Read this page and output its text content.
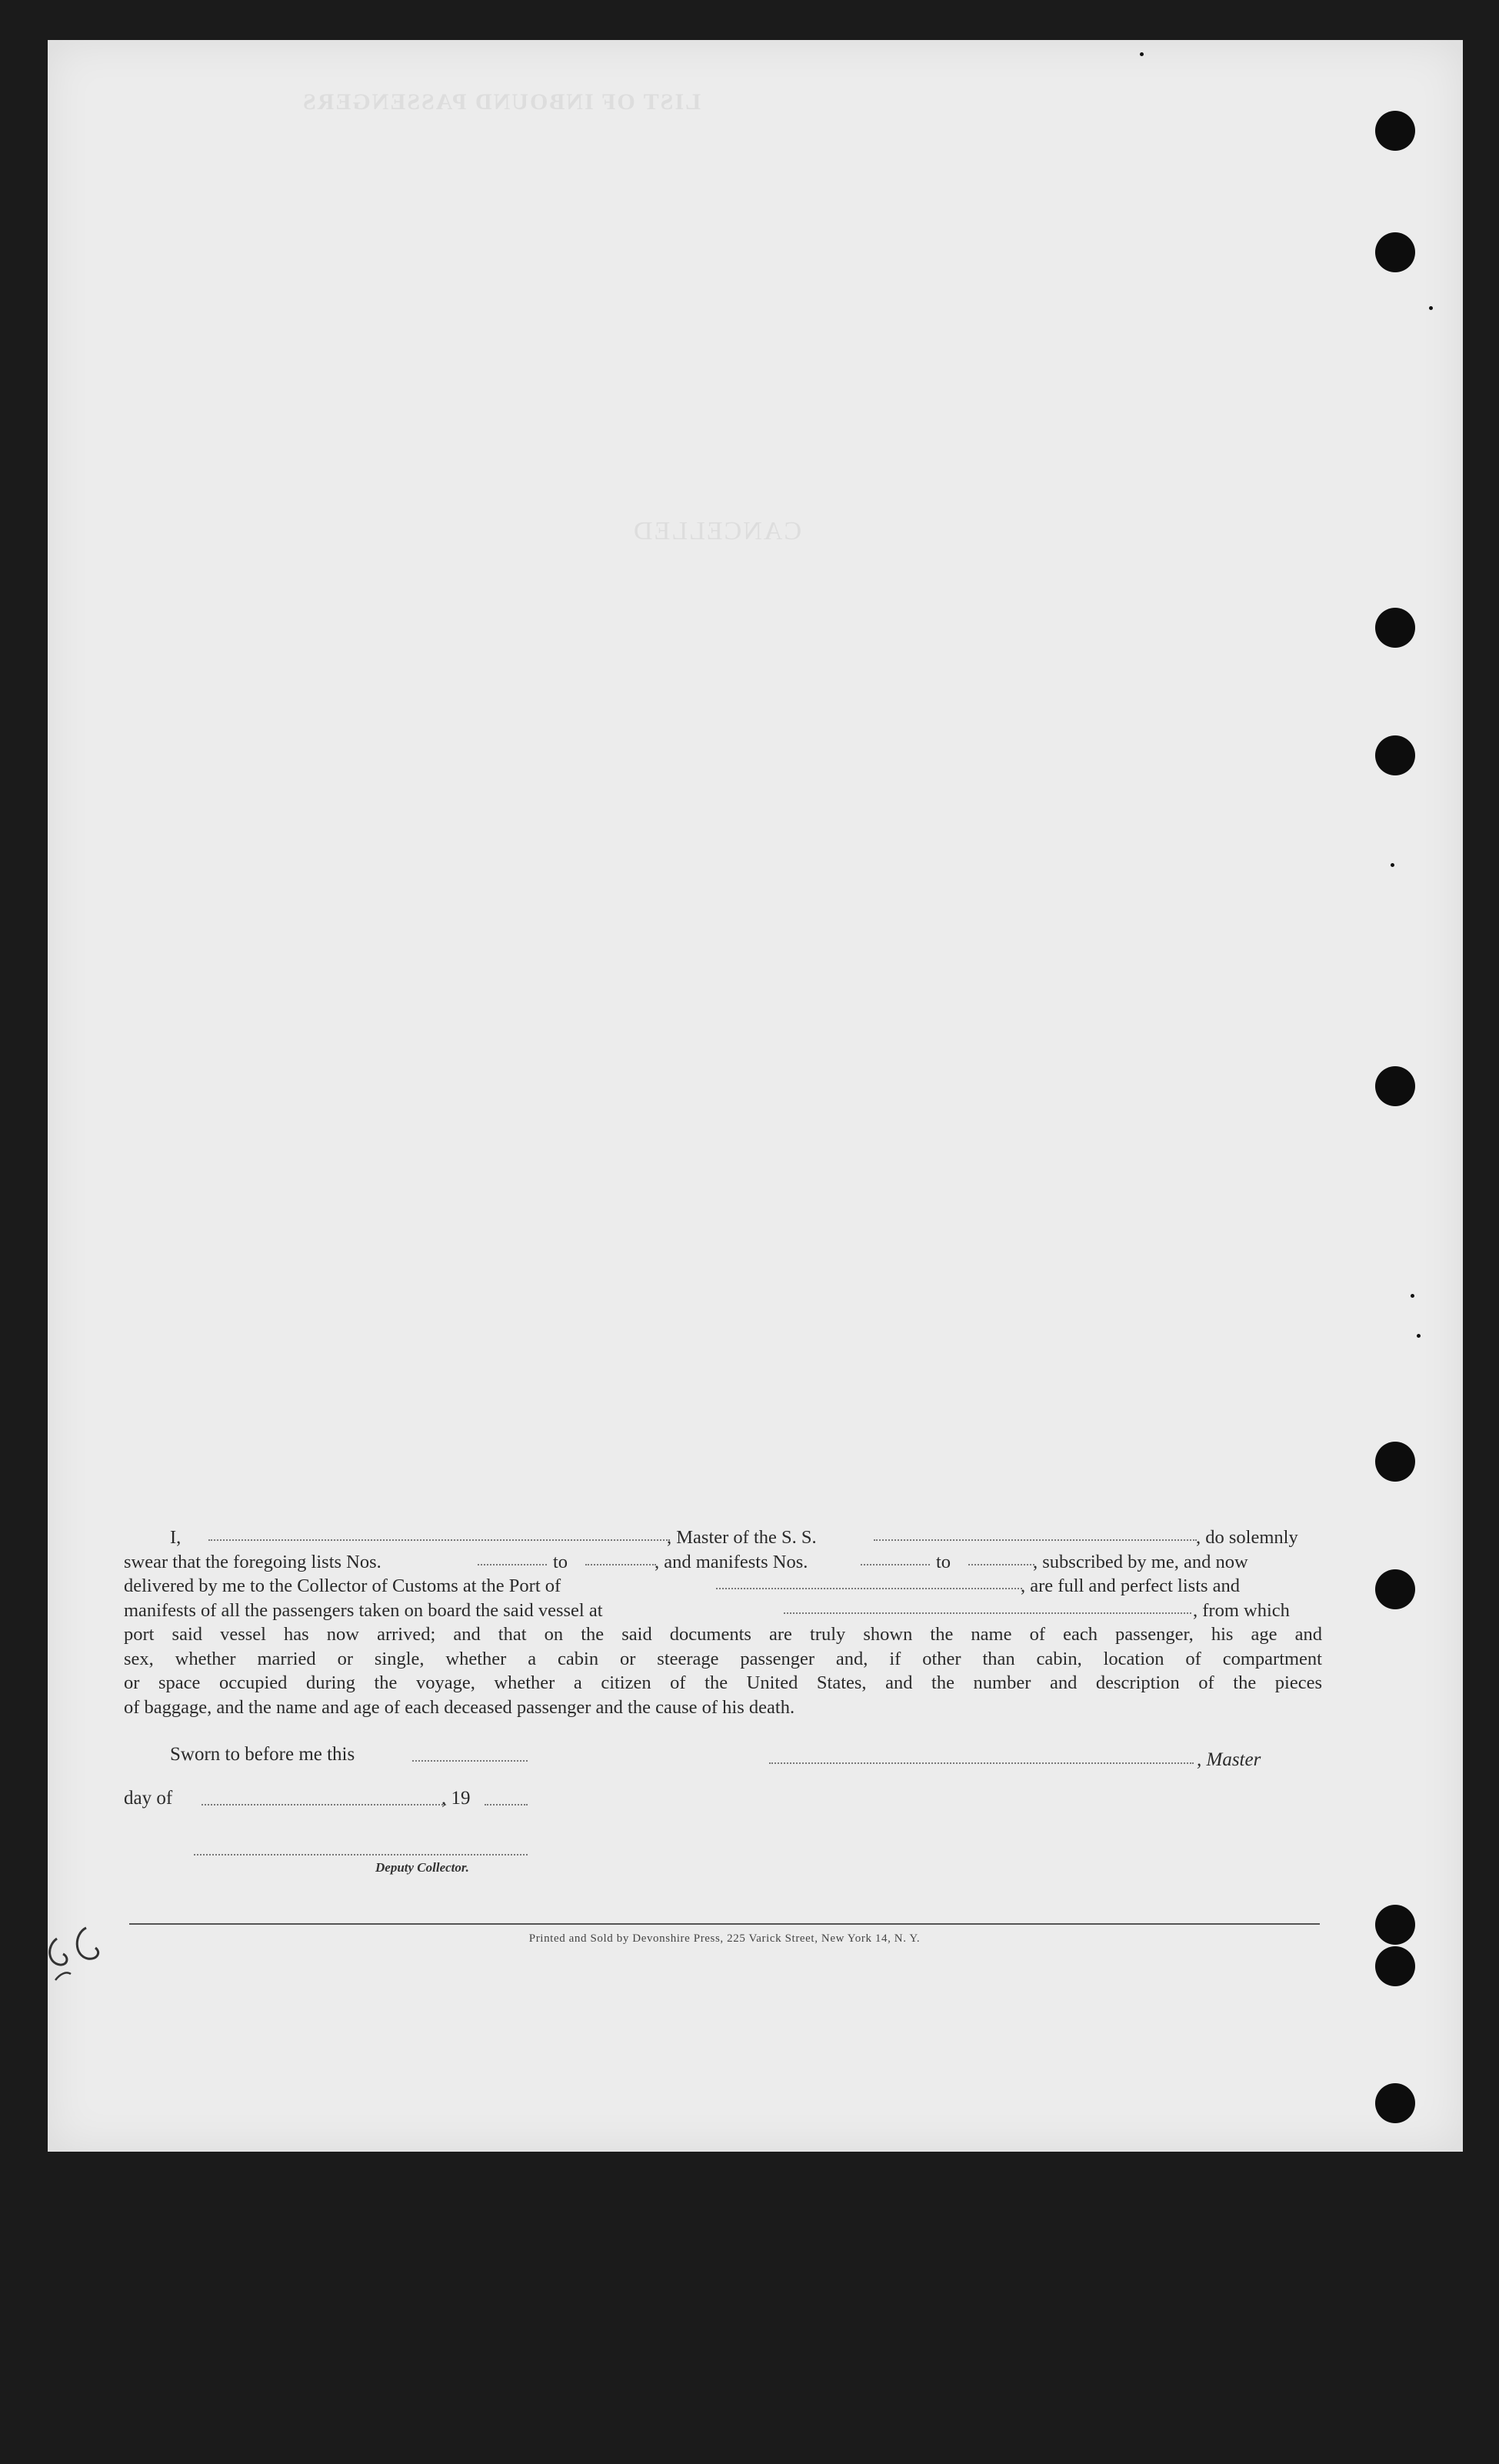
LIST OF INBOUND PASSENGERS
CANCELLED
I,	, Master of the S. S.	, do solemnly
swear that the foregoing lists Nos.	to	, and manifests Nos.	to	, subscribed by me, and now
delivered by me to the Collector of Customs at the Port of	, are full and perfect lists and
manifests of all the passengers taken on board the said vessel at	, from which
port said vessel has now arrived; and that on the said documents are truly shown the name of each passenger, his age and
sex, whether married or single, whether a cabin or steerage passenger and, if other than cabin, location of compartment
or space occupied during the voyage, whether a citizen of the United States, and the number and description of the pieces
of baggage, and the name and age of each deceased passenger and the cause of his death.
Sworn to before me this	, Master
day of	, 19
Deputy Collector.
Printed and Sold by Devonshire Press, 225 Varick Street, New York 14, N. Y.
